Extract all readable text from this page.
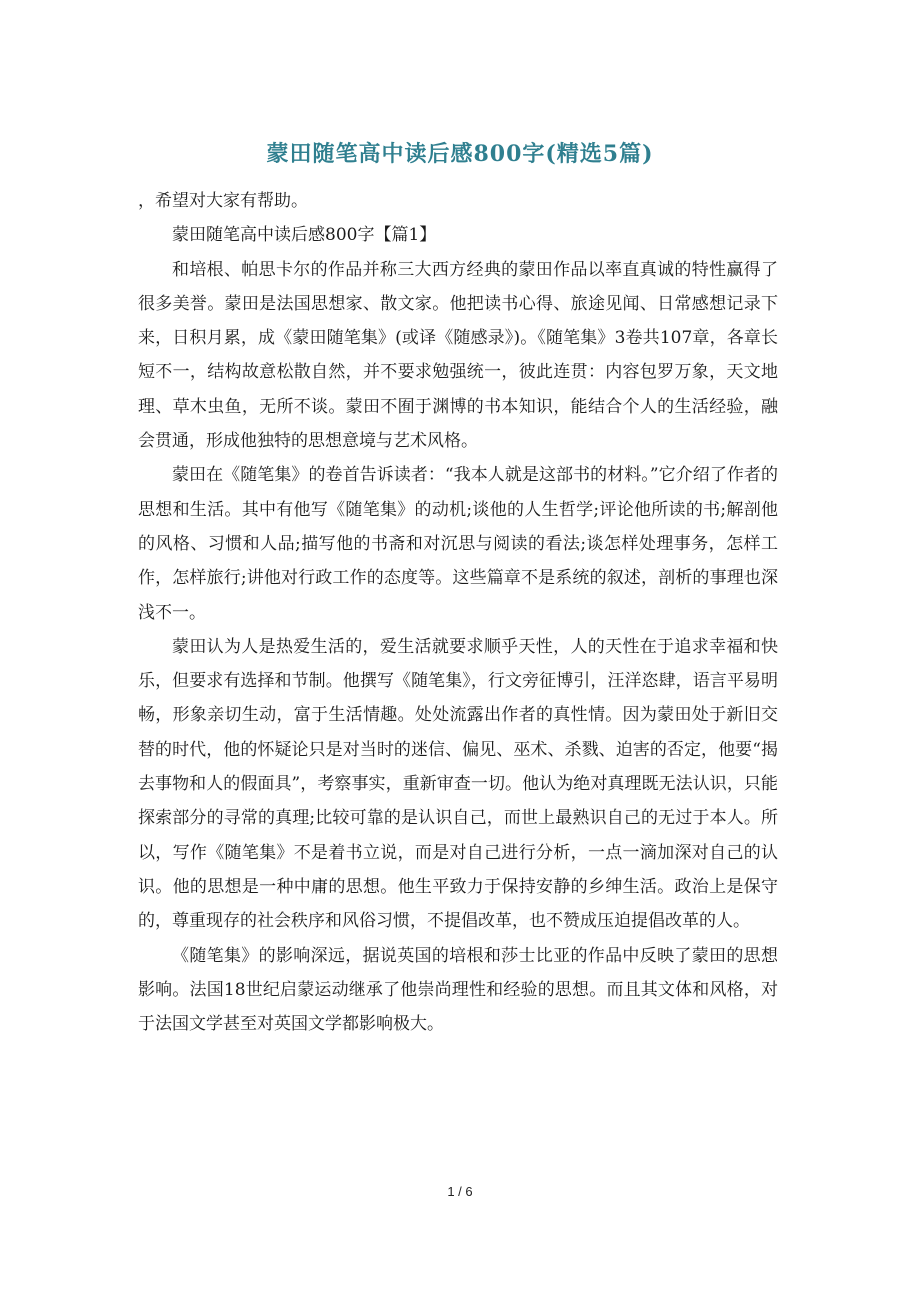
蒙田随笔高中读后感800字(精选5篇)

，希望对大家有帮助。

蒙田随笔高中读后感800字【篇1】

和培根、帕思卡尔的作品并称三大西方经典的蒙田作品以率直真诚的特性赢得了很多美誉。蒙田是法国思想家、散文家。他把读书心得、旅途见闻、日常感想记录下来，日积月累，成《蒙田随笔集》(或译《随感录》)。《随笔集》3卷共107章，各章长短不一，结构故意松散自然，并不要求勉强统一，彼此连贯：内容包罗万象，天文地理、草木虫鱼，无所不谈。蒙田不囿于渊博的书本知识，能结合个人的生活经验，融会贯通，形成他独特的思想意境与艺术风格。

蒙田在《随笔集》的卷首告诉读者：“我本人就是这部书的材料。”它介绍了作者的思想和生活。其中有他写《随笔集》的动机;谈他的人生哲学;评论他所读的书;解剖他的风格、习惯和人品;描写他的书斋和对沉思与阅读的看法;谈怎样处理事务，怎样工作，怎样旅行;讲他对行政工作的态度等。这些篇章不是系统的叙述，剖析的事理也深浅不一。

蒙田认为人是热爱生活的，爱生活就要求顺乎天性，人的天性在于追求幸福和快乐，但要求有选择和节制。他撰写《随笔集》，行文旁征博引，汪洋恣肆，语言平易明畅，形象亲切生动，富于生活情趣。处处流露出作者的真性情。因为蒙田处于新旧交替的时代，他的怀疑论只是对当时的迷信、偏见、巫术、杀戮、迫害的否定，他要“揭去事物和人的假面具”，考察事实，重新审查一切。他认为绝对真理既无法认识，只能探索部分的寻常的真理;比较可靠的是认识自己，而世上最熟识自己的无过于本人。所以，写作《随笔集》不是着书立说，而是对自己进行分析，一点一滴加深对自己的认识。他的思想是一种中庸的思想。他生平致力于保持安静的乡绅生活。政治上是保守的，尊重现存的社会秩序和风俗习惯，不提倡改革，也不赞成压迫提倡改革的人。

《随笔集》的影响深远，据说英国的培根和莎士比亚的作品中反映了蒙田的思想影响。法国18世纪启蒙运动继承了他崇尚理性和经验的思想。而且其文体和风格，对于法国文学甚至对英国文学都影响极大。

1 / 6
